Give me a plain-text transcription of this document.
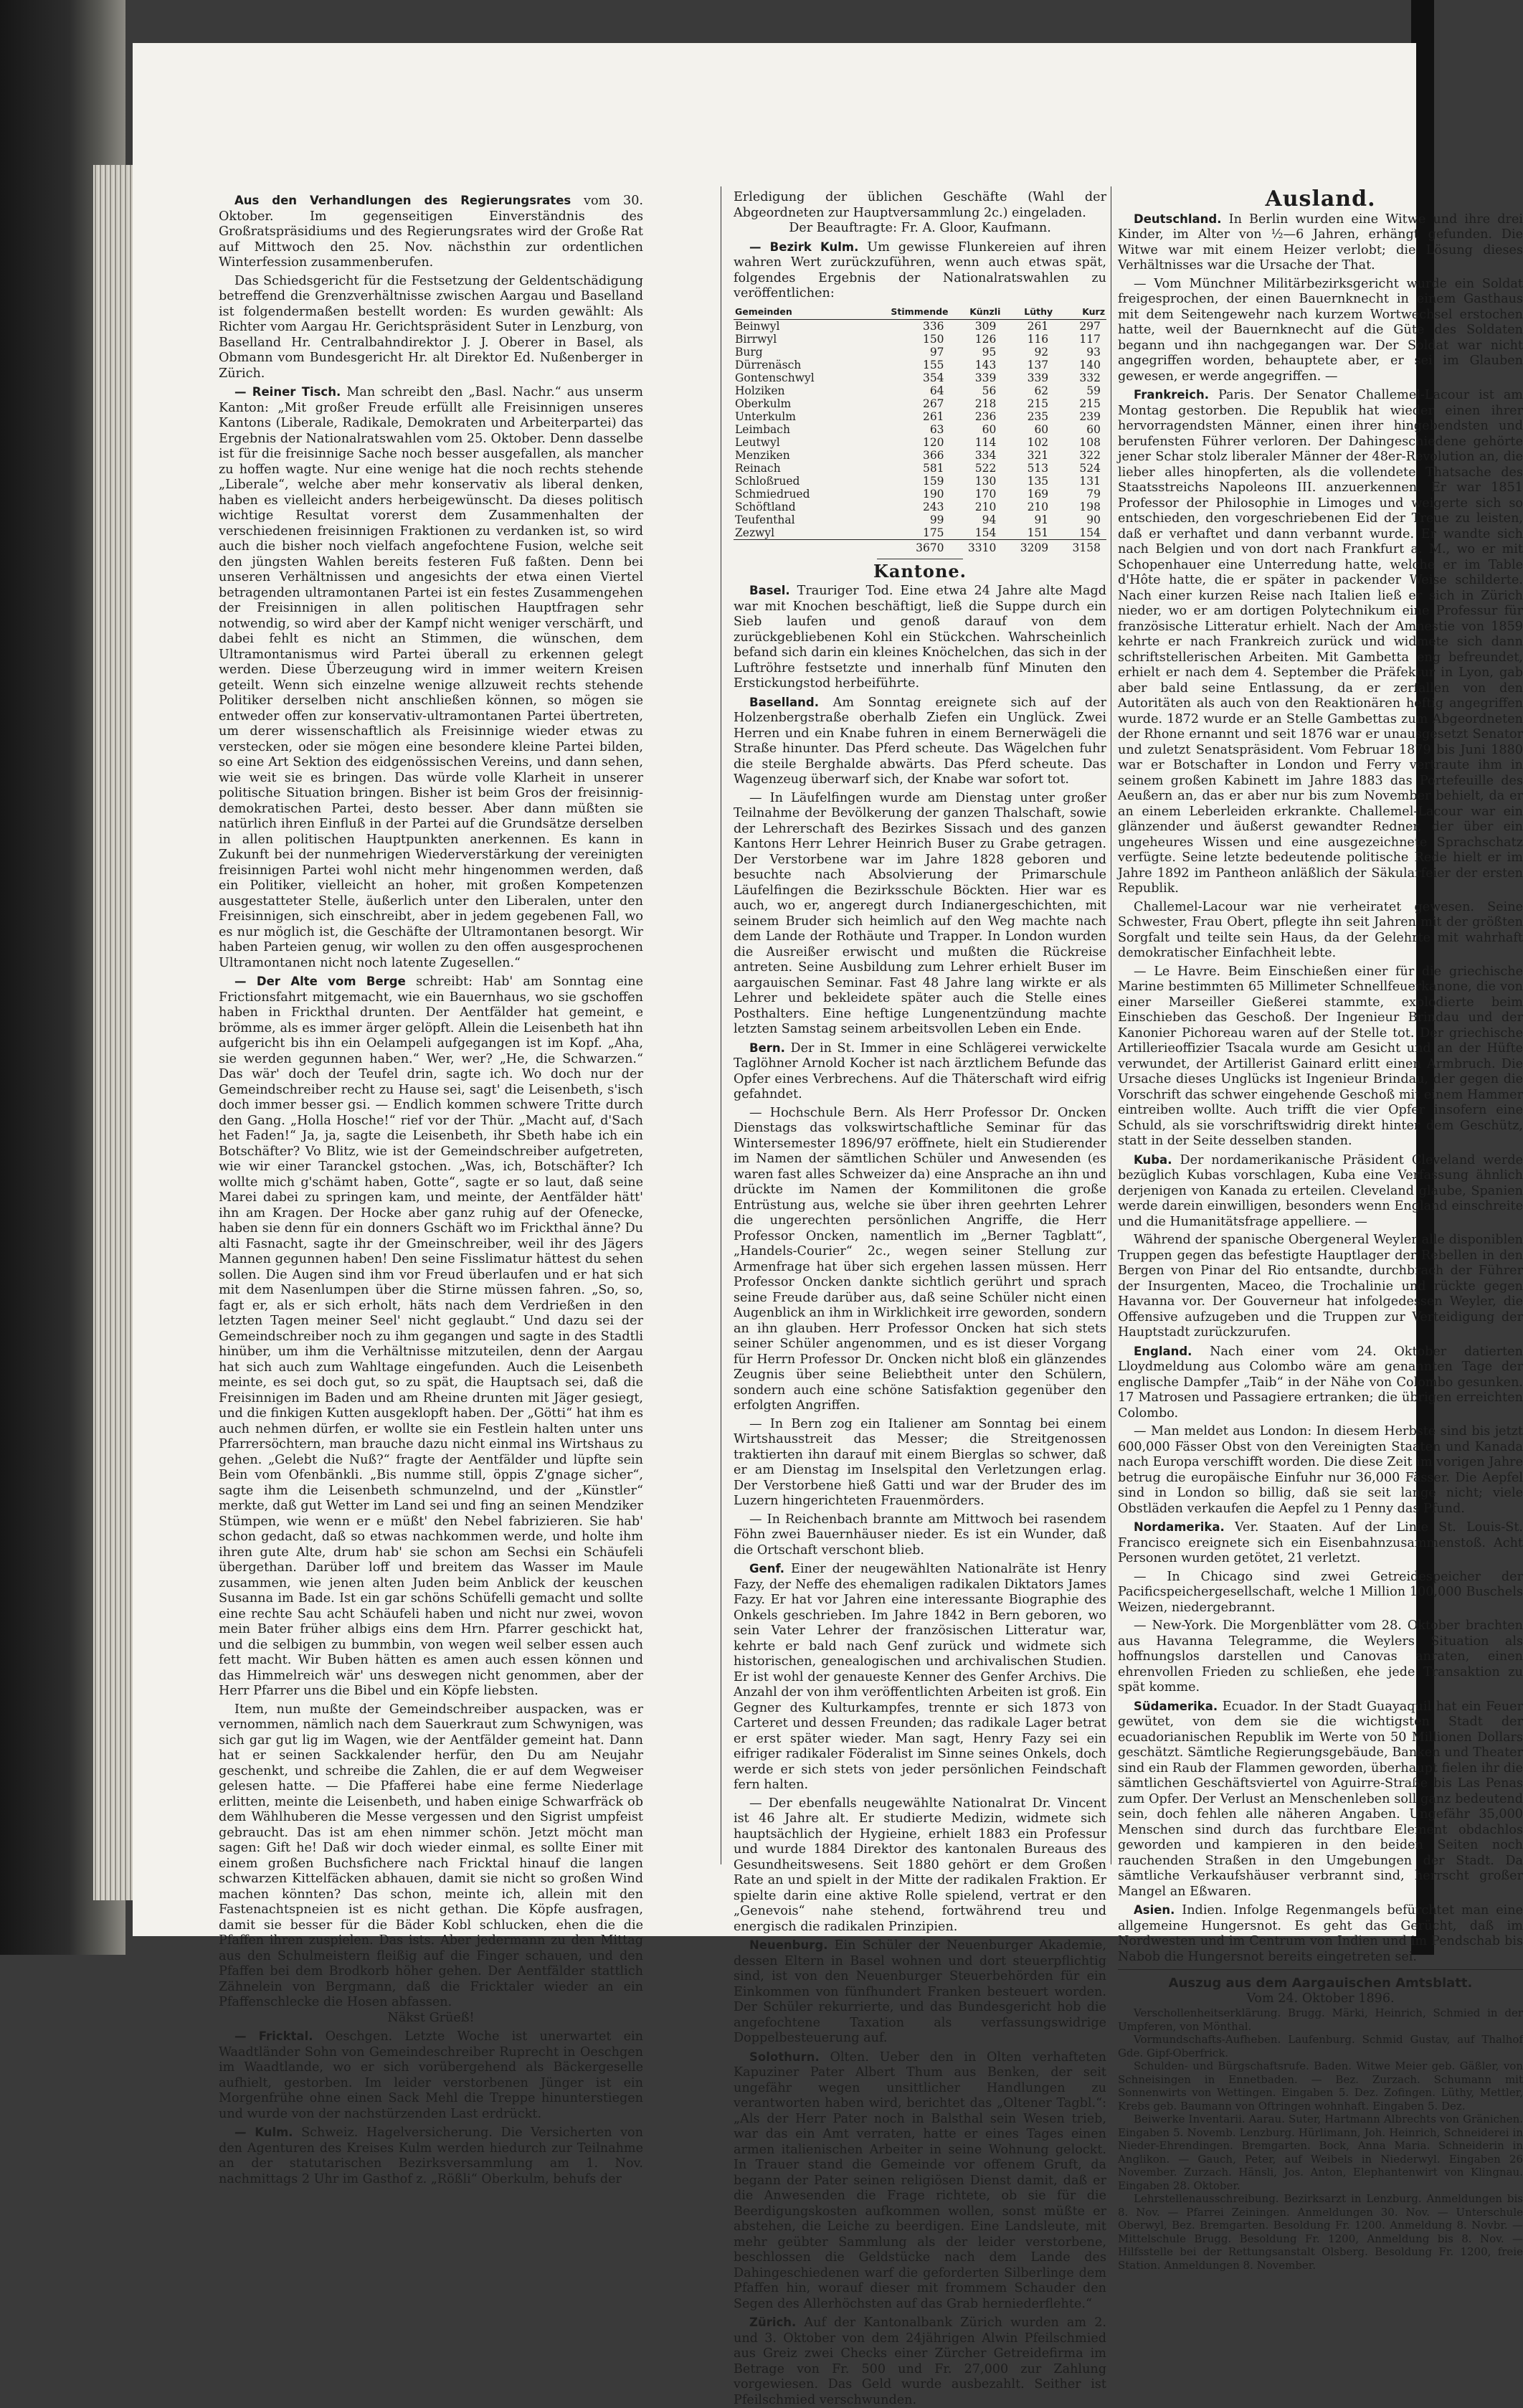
Aus den Verhandlungen des Regierungsrates vom 30. Oktober. Im gegenseitigen Einverständnis des Großratspräsidiums und des Regierungsrates wird der Große Rat auf Mittwoch den 25. Nov. nächsthin zur ordentlichen Winterfession zusammenberufen.

Das Schiedsgericht für die Festsetzung der Geldentschädigung betreffend die Grenzverhältnisse zwischen Aargau und Baselland ist folgendermaßen bestellt worden: Es wurden gewählt: Als Richter vom Aargau Hr. Gerichtspräsident Suter in Lenzburg, von Baselland Hr. Centralbahndirektor J. J. Oberer in Basel, als Obmann vom Bundesgericht Hr. alt Direktor Ed. Nußenberger in Zürich.

— Reiner Tisch. Man schreibt den „Basl. Nachr.“ aus unserm Kanton: „Mit großer Freude erfüllt alle Freisinnigen unseres Kantons (Liberale, Radikale, Demokraten und Arbeiterpartei) das Ergebnis der Nationalratswahlen vom 25. Oktober. Denn dasselbe ist für die freisinnige Sache noch besser ausgefallen, als mancher zu hoffen wagte. Nur eine wenige hat die noch rechts stehende „Liberale“, welche aber mehr konservativ als liberal denken, haben es vielleicht anders herbeigewünscht. Da dieses politisch wichtige Resultat vorerst dem Zusammenhalten der verschiedenen freisinnigen Fraktionen zu verdanken ist, so wird auch die bisher noch vielfach angefochtene Fusion, welche seit den jüngsten Wahlen bereits festeren Fuß faßten. Denn bei unseren Verhältnissen und angesichts der etwa einen Viertel betragenden ultramontanen Partei ist ein festes Zusammengehen der Freisinnigen in allen politischen Hauptfragen sehr notwendig, so wird aber der Kampf nicht weniger verschärft, und dabei fehlt es nicht an Stimmen, die wünschen, dem Ultramontanismus wird Partei überall zu erkennen gelegt werden. Diese Überzeugung wird in immer weitern Kreisen geteilt. Wenn sich einzelne wenige allzuweit rechts stehende Politiker derselben nicht anschließen können, so mögen sie entweder offen zur konservativ-ultramontanen Partei übertreten, um derer wissenschaftlich als Freisinnige wieder etwas zu verstecken, oder sie mögen eine besondere kleine Partei bilden, so eine Art Sektion des eidgenössischen Vereins, und dann sehen, wie weit sie es bringen. Das würde volle Klarheit in unserer politische Situation bringen. Bisher ist beim Gros der freisinnig-demokratischen Partei, desto besser. Aber dann müßten sie natürlich ihren Einfluß in der Partei auf die Grundsätze derselben in allen politischen Hauptpunkten anerkennen. Es kann in Zukunft bei der nunmehrigen Wiederverstärkung der vereinigten freisinnigen Partei wohl nicht mehr hingenommen werden, daß ein Politiker, vielleicht an hoher, mit großen Kompetenzen ausgestatteter Stelle, äußerlich unter den Liberalen, unter den Freisinnigen, sich einschreibt, aber in jedem gegebenen Fall, wo es nur möglich ist, die Geschäfte der Ultramontanen besorgt. Wir haben Parteien genug, wir wollen zu den offen ausgesprochenen Ultramontanen nicht noch latente Zugesellen.“

— Der Alte vom Berge schreibt: Hab' am Sonntag eine Frictionsfahrt mitgemacht, wie ein Bauernhaus, wo sie gschoffen haben in Frickthal drunten. Der Aentfälder hat gemeint, e brömme, als es immer ärger gelöpft. Allein die Leisenbeth hat ihn aufgericht bis ihn ein Oelampeli aufgegangen ist im Kopf. „Aha, sie werden gegunnen haben.“ Wer, wer? „He, die Schwarzen.“ Das wär' doch der Teufel drin, sagte ich. Wo doch nur der Gemeindschreiber recht zu Hause sei, sagt' die Leisenbeth, s'isch doch immer besser gsi. — Endlich kommen schwere Tritte durch den Gang. „Holla Hosche!“ rief vor der Thür. „Macht auf, d'Sach het Faden!“ Ja, ja, sagte die Leisenbeth, ihr Sbeth habe ich ein Botschäfter? Vo Blitz, wie ist der Gemeindschreiber aufgetreten, wie wir einer Taranckel gstochen. „Was, ich, Botschäfter? Ich wollte mich g'schämt haben, Gotte“, sagte er so laut, daß seine Marei dabei zu springen kam, und meinte, der Aentfälder hätt' ihn am Kragen. Der Hocke aber ganz ruhig auf der Ofenecke, haben sie denn für ein donners Gschäft wo im Frickthal änne? Du alti Fasnacht, sagte ihr der Gmeinschreiber, weil ihr des Jägers Mannen gegunnen haben! Den seine Fisslimatur hättest du sehen sollen. Die Augen sind ihm vor Freud überlaufen und er hat sich mit dem Nasenlumpen über die Stirne müssen fahren. „So, so, fagt er, als er sich erholt, häts nach dem Verdrießen in den letzten Tagen meiner Seel' nicht geglaubt.“ Und dazu sei der Gemeindschreiber noch zu ihm gegangen und sagte in des Stadtli hinüber, um ihm die Verhältnisse mitzuteilen, denn der Aargau hat sich auch zum Wahltage eingefunden. Auch die Leisenbeth meinte, es sei doch gut, so zu spät, die Hauptsach sei, daß die Freisinnigen im Baden und am Rheine drunten mit Jäger gesiegt, und die finkigen Kutten ausgeklopft haben. Der „Götti“ hat ihm es auch nehmen dürfen, er wollte sie ein Festlein halten unter uns Pfarrersöchtern, man brauche dazu nicht einmal ins Wirtshaus zu gehen. „Gelebt die Nuß?“ fragte der Aentfälder und lüpfte sein Bein vom Ofenbänkli. „Bis numme still, öppis Z'gnage sicher“, sagte ihm die Leisenbeth schmunzelnd, und der „Künstler“ merkte, daß gut Wetter im Land sei und fing an seinen Mendziker Stümpen, wie wenn er e müßt' den Nebel fabrizieren. Sie hab' schon gedacht, daß so etwas nachkommen werde, und holte ihm ihren gute Alte, drum hab' sie schon am Sechsi ein Schäufeli übergethan. Darüber loff und breitem das Wasser im Maule zusammen, wie jenen alten Juden beim Anblick der keuschen Susanna im Bade. Ist ein gar schöns Schüfelli gemacht und sollte eine rechte Sau acht Schäufeli haben und nicht nur zwei, wovon mein Bater früher albigs eins dem Hrn. Pfarrer geschickt hat, und die selbigen zu bummbin, von wegen weil selber essen auch fett macht. Wir Buben hätten es amen auch essen können und das Himmelreich wär' uns deswegen nicht genommen, aber der Herr Pfarrer uns die Bibel und ein Köpfe liebsten.

Item, nun mußte der Gemeindschreiber auspacken, was er vernommen, nämlich nach dem Sauerkraut zum Schwynigen, was sich gar gut lig im Wagen, wie der Aentfälder gemeint hat. Dann hat er seinen Sackkalender herfür, den Du am Neujahr geschenkt, und schreibe die Zahlen, die er auf dem Wegweiser gelesen hatte. — Die Pfafferei habe eine ferme Niederlage erlitten, meinte die Leisenbeth, und haben einige Schwarfräck ob dem Wählhuberen die Messe vergessen und den Sigrist umpfeist gebraucht. Das ist am ehen nimmer schön. Jetzt möcht man sagen: Gift he! Daß wir doch wieder einmal, es sollte Einer mit einem großen Buchsfichere nach Fricktal hinauf die langen schwarzen Kittelfäcken abhauen, damit sie nicht so großen Wind machen könnten? Das schon, meinte ich, allein mit den Fastenachtspneien ist es nicht gethan. Die Köpfe ausfragen, damit sie besser für die Bäder Kobl schlucken, ehen die die Pfaffen ihren zuspielen. Das ists. Aber jedermann zu den Mittag aus den Schulmeistern fleißig auf die Finger schauen, und den Pfaffen bei dem Brodkorb höher gehen. Der Aentfälder stattlich Zähnelein von Bergmann, daß die Fricktaler wieder an ein Pfaffenschlecke die Hosen abfassen.

Näkst Grüeß!

— Fricktal. Oeschgen. Letzte Woche ist unerwartet ein Waadtländer Sohn von Gemeindeschreiber Ruprecht in Oeschgen im Waadtlande, wo er sich vorübergehend als Bäckergeselle aufhielt, gestorben. Im leider verstorbenen Jünger ist ein Morgenfrühe ohne einen Sack Mehl die Treppe hinunterstiegen und wurde von der nachstürzenden Last erdrückt.

— Kulm. Schweiz. Hagelversicherung. Die Versicherten von den Agenturen des Kreises Kulm werden hiedurch zur Teilnahme an der statutarischen Bezirksversammlung am 1. Nov. nachmittags 2 Uhr im Gasthof z. „Rößli“ Oberkulm, behufs der

Erledigung der üblichen Geschäfte (Wahl der Abgeordneten zur Hauptversammlung 2c.) eingeladen.

Der Beauftragte: Fr. A. Gloor, Kaufmann.

— Bezirk Kulm. Um gewisse Flunkereien auf ihren wahren Wert zurückzuführen, wenn auch etwas spät, folgendes Ergebnis der Nationalratswahlen zu veröffentlichen:

Gemeinden	Stimmende	Künzli	Lüthy	Kurz
Beinwyl	336	309	261	297
Birrwyl	150	126	116	117
Burg	97	95	92	93
Dürrenäsch	155	143	137	140
Gontenschwyl	354	339	339	332
Holziken	64	56	62	59
Oberkulm	267	218	215	215
Unterkulm	261	236	235	239
Leimbach	63	60	60	60
Leutwyl	120	114	102	108
Menziken	366	334	321	322
Reinach	581	522	513	524
Schloßrued	159	130	135	131
Schmiedrued	190	170	169	79
Schöftland	243	210	210	198
Teufenthal	99	94	91	90
Zezwyl	175	154	151	154
	3670	3310	3209	3158
Kantone.

Basel. Trauriger Tod. Eine etwa 24 Jahre alte Magd war mit Knochen beschäftigt, ließ die Suppe durch ein Sieb laufen und genoß darauf von dem zurückgebliebenen Kohl ein Stückchen. Wahrscheinlich befand sich darin ein kleines Knöchelchen, das sich in der Luftröhre festsetzte und innerhalb fünf Minuten den Erstickungstod herbeiführte.

Baselland. Am Sonntag ereignete sich auf der Holzenbergstraße oberhalb Ziefen ein Unglück. Zwei Herren und ein Knabe fuhren in einem Bernerwägeli die Straße hinunter. Das Pferd scheute. Das Wägelchen fuhr die steile Berghalde abwärts. Das Pferd scheute. Das Wagenzeug überwarf sich, der Knabe war sofort tot.

— In Läufelfingen wurde am Dienstag unter großer Teilnahme der Bevölkerung der ganzen Thalschaft, sowie der Lehrerschaft des Bezirkes Sissach und des ganzen Kantons Herr Lehrer Heinrich Buser zu Grabe getragen. Der Verstorbene war im Jahre 1828 geboren und besuchte nach Absolvierung der Primarschule Läufelfingen die Bezirksschule Böckten. Hier war es auch, wo er, angeregt durch Indianergeschichten, mit seinem Bruder sich heimlich auf den Weg machte nach dem Lande der Rothäute und Trapper. In London wurden die Ausreißer erwischt und mußten die Rückreise antreten. Seine Ausbildung zum Lehrer erhielt Buser im aargauischen Seminar. Fast 48 Jahre lang wirkte er als Lehrer und bekleidete später auch die Stelle eines Posthalters. Eine heftige Lungenentzündung machte letzten Samstag seinem arbeitsvollen Leben ein Ende.

Bern. Der in St. Immer in eine Schlägerei verwickelte Taglöhner Arnold Kocher ist nach ärztlichem Befunde das Opfer eines Verbrechens. Auf die Thäterschaft wird eifrig gefahndet.

— Hochschule Bern. Als Herr Professor Dr. Oncken Dienstags das volkswirtschaftliche Seminar für das Wintersemester 1896/97 eröffnete, hielt ein Studierender im Namen der sämtlichen Schüler und Anwesenden (es waren fast alles Schweizer da) eine Ansprache an ihn und drückte im Namen der Kommilitonen die große Entrüstung aus, welche sie über ihren geehrten Lehrer die ungerechten persönlichen Angriffe, die Herr Professor Oncken, namentlich im „Berner Tagblatt“, „Handels-Courier“ 2c., wegen seiner Stellung zur Armenfrage hat über sich ergehen lassen müssen. Herr Professor Oncken dankte sichtlich gerührt und sprach seine Freude darüber aus, daß seine Schüler nicht einen Augenblick an ihm in Wirklichkeit irre geworden, sondern an ihn glauben. Herr Professor Oncken hat sich stets seiner Schüler angenommen, und es ist dieser Vorgang für Herrn Professor Dr. Oncken nicht bloß ein glänzendes Zeugnis über seine Beliebtheit unter den Schülern, sondern auch eine schöne Satisfaktion gegenüber den erfolgten Angriffen.

— In Bern zog ein Italiener am Sonntag bei einem Wirtshausstreit das Messer; die Streitgenossen traktierten ihn darauf mit einem Bierglas so schwer, daß er am Dienstag im Inselspital den Verletzungen erlag. Der Verstorbene hieß Gatti und war der Bruder des im Luzern hingerichteten Frauenmörders.

— In Reichenbach brannte am Mittwoch bei rasendem Föhn zwei Bauernhäuser nieder. Es ist ein Wunder, daß die Ortschaft verschont blieb.

Genf. Einer der neugewählten Nationalräte ist Henry Fazy, der Neffe des ehemaligen radikalen Diktators James Fazy. Er hat vor Jahren eine interessante Biographie des Onkels geschrieben. Im Jahre 1842 in Bern geboren, wo sein Vater Lehrer der französischen Litteratur war, kehrte er bald nach Genf zurück und widmete sich historischen, genealogischen und archivalischen Studien. Er ist wohl der genaueste Kenner des Genfer Archivs. Die Anzahl der von ihm veröffentlichten Arbeiten ist groß. Ein Gegner des Kulturkampfes, trennte er sich 1873 von Carteret und dessen Freunden; das radikale Lager betrat er erst später wieder. Man sagt, Henry Fazy sei ein eifriger radikaler Föderalist im Sinne seines Onkels, doch werde er sich stets von jeder persönlichen Feindschaft fern halten.

— Der ebenfalls neugewählte Nationalrat Dr. Vincent ist 46 Jahre alt. Er studierte Medizin, widmete sich hauptsächlich der Hygieine, erhielt 1883 ein Professur und wurde 1884 Direktor des kantonalen Bureaus des Gesundheitswesens. Seit 1880 gehört er dem Großen Rate an und spielt in der Mitte der radikalen Fraktion. Er spielte darin eine aktive Rolle spielend, vertrat er den „Genevois“ nahe stehend, fortwährend treu und energisch die radikalen Prinzipien.

Neuenburg. Ein Schüler der Neuenburger Akademie, dessen Eltern in Basel wohnen und dort steuerpflichtig sind, ist von den Neuenburger Steuerbehörden für ein Einkommen von fünfhundert Franken besteuert worden. Der Schüler rekurrierte, und das Bundesgericht hob die angefochtene Taxation als verfassungswidrige Doppelbesteuerung auf.

Solothurn. Olten. Ueber den in Olten verhafteten Kapuziner Pater Albert Thum aus Benken, der seit ungefähr wegen unsittlicher Handlungen zu verantworten haben wird, berichtet das „Oltener Tagbl.“: „Als der Herr Pater noch in Balsthal sein Wesen trieb, war das ein Amt verraten, hatte er eines Tages einen armen italienischen Arbeiter in seine Wohnung gelockt. In Trauer stand die Gemeinde vor offenem Gruft, da begann der Pater seinen religiösen Dienst damit, daß er die Anwesenden die Frage richtete, ob sie für die Beerdigungskosten aufkommen wollen, sonst müßte er abstehen, die Leiche zu beerdigen. Eine Landsleute, mit mehr geübter Sammlung als der leider verstorbene, beschlossen die Geldstücke nach dem Lande des Dahingeschiedenen warf die geforderten Silberlinge dem Pfaffen hin, worauf dieser mit frommem Schauder den Segen des Allerhöchsten auf das Grab herniederflehte.“

Zürich. Auf der Kantonalbank Zürich wurden am 2. und 3. Oktober von dem 24jährigen Alwin Pfeilschmied aus Greiz zwei Checks einer Zürcher Getreidefirma im Betrage von Fr. 500 und Fr. 27,000 zur Zahlung vorgewiesen. Das Geld wurde ausbezahlt. Seither ist Pfeilschmied verschwunden.

Ausland.

Deutschland. In Berlin wurden eine Witwe und ihre drei Kinder, im Alter von ½—6 Jahren, erhängt gefunden. Die Witwe war mit einem Heizer verlobt; die Lösung dieses Verhältnisses war die Ursache der That.

— Vom Münchner Militärbezirksgericht wurde ein Soldat freigesprochen, der einen Bauernknecht in einem Gasthaus mit dem Seitengewehr nach kurzem Wortwechsel erstochen hatte, weil der Bauernknecht auf die Güte des Soldaten begann und ihn nachgegangen war. Der Soldat war nicht angegriffen worden, behauptete aber, er sei im Glauben gewesen, er werde angegriffen. —

Frankreich. Paris. Der Senator Challemel-Lacour ist am Montag gestorben. Die Republik hat wieder einen ihrer hervorragendsten Männer, einen ihrer hingebendsten und berufensten Führer verloren. Der Dahingeschiedene gehörte jener Schar stolz liberaler Männer der 48er-Revolution an, die lieber alles hinopferten, als die vollendete Thatsache des Staatsstreichs Napoleons III. anzuerkennen. Er war 1851 Professor der Philosophie in Limoges und weigerte sich so entschieden, den vorgeschriebenen Eid der Treue zu leisten, daß er verhaftet und dann verbannt wurde. Er wandte sich nach Belgien und von dort nach Frankfurt a. M., wo er mit Schopenhauer eine Unterredung hatte, welche er im Table d'Hôte hatte, die er später in packender Weise schilderte. Nach einer kurzen Reise nach Italien ließ er sich in Zürich nieder, wo er am dortigen Polytechnikum eine Professur für französische Litteratur erhielt. Nach der Amnestie von 1859 kehrte er nach Frankreich zurück und widmete sich dann schriftstellerischen Arbeiten. Mit Gambetta eng befreundet, erhielt er nach dem 4. September die Präfektur in Lyon, gab aber bald seine Entlassung, da er zerfallen von den Autoritäten als auch von den Reaktionären heftig angegriffen wurde. 1872 wurde er an Stelle Gambettas zum Abgeordneten der Rhone ernannt und seit 1876 war er unausgesetzt Senator und zuletzt Senatspräsident. Vom Februar 1879 bis Juni 1880 war er Botschafter in London und Ferry vertraute ihm in seinem großen Kabinett im Jahre 1883 das Portefeuille des Aeußern an, das er aber nur bis zum November behielt, da er an einem Leberleiden erkrankte. Challemel-Lacour war ein glänzender und äußerst gewandter Redner, der über ein ungeheures Wissen und eine ausgezeichnete Sprachschatz verfügte. Seine letzte bedeutende politische Rede hielt er im Jahre 1892 im Pantheon anläßlich der Säkularfeier der ersten Republik.

Challemel-Lacour war nie verheiratet gewesen. Seine Schwester, Frau Obert, pflegte ihn seit Jahren mit der größten Sorgfalt und teilte sein Haus, da der Gelehrte mit wahrhaft demokratischer Einfachheit lebte.

— Le Havre. Beim Einschießen einer für die griechische Marine bestimmten 65 Millimeter Schnellfeuerkanone, die von einer Marseiller Gießerei stammte, explodierte beim Einschieben das Geschoß. Der Ingenieur Brindau und der Kanonier Pichoreau waren auf der Stelle tot. Der griechische Artillerieoffizier Tsacala wurde am Gesicht und an der Hüfte verwundet, der Artillerist Gainard erlitt einen Armbruch. Die Ursache dieses Unglücks ist Ingenieur Brindau, der gegen die Vorschrift das schwer eingehende Geschoß mit einem Hammer eintreiben wollte. Auch trifft die vier Opfer insofern eine Schuld, als sie vorschriftswidrig direkt hinter dem Geschütz, statt in der Seite desselben standen.

Kuba. Der nordamerikanische Präsident Cleveland werde bezüglich Kubas vorschlagen, Kuba eine Verfassung ähnlich derjenigen von Kanada zu erteilen. Cleveland glaube, Spanien werde darein einwilligen, besonders wenn England einschreite und die Humanitätsfrage appelliere. —

Während der spanische Obergeneral Weyler alle disponiblen Truppen gegen das befestigte Hauptlager der Rebellen in den Bergen von Pinar del Rio entsandte, durchbrach der Führer der Insurgenten, Maceo, die Trochalinie und rückte gegen Havanna vor. Der Gouverneur hat infolgedessen Weyler, die Offensive aufzugeben und die Truppen zur Verteidigung der Hauptstadt zurückzurufen.

England. Nach einer vom 24. Oktober datierten Lloydmeldung aus Colombo wäre am genannten Tage der englische Dampfer „Taib“ in der Nähe von Colombo gesunken. 17 Matrosen und Passagiere ertranken; die übrigen erreichten Colombo.

— Man meldet aus London: In diesem Herbste sind bis jetzt 600,000 Fässer Obst von den Vereinigten Staaten und Kanada nach Europa verschifft worden. Die diese Zeit im vorigen Jahre betrug die europäische Einfuhr nur 36,000 Fässer. Die Aepfel sind in London so billig, daß sie seit lange nicht; viele Obstläden verkaufen die Aepfel zu 1 Penny das Pfund.

Nordamerika. Ver. Staaten. Auf der Linie St. Louis-St. Francisco ereignete sich ein Eisenbahnzusammenstoß. Acht Personen wurden getötet, 21 verletzt.

— In Chicago sind zwei Getreidespeicher der Pacificspeichergesellschaft, welche 1 Million 100,000 Buschels Weizen, niedergebrannt.

— New-York. Die Morgenblätter vom 28. Oktober brachten aus Havanna Telegramme, die Weylers Situation als hoffnungslos darstellen und Canovas anraten, einen ehrenvollen Frieden zu schließen, ehe jede Transaktion zu spät komme.

Südamerika. Ecuador. In der Stadt Guayaquil hat ein Feuer gewütet, von dem sie die wichtigsten Stadt der ecuadorianischen Republik im Werte von 50 Millionen Dollars geschätzt. Sämtliche Regierungsgebäude, Banken und Theater sind ein Raub der Flammen geworden, überhaupt fielen ihr die sämtlichen Geschäftsviertel von Aguirre-Straße bis Las Penas zum Opfer. Der Verlust an Menschenleben soll ganz bedeutend sein, doch fehlen alle näheren Angaben. Ungefähr 35,000 Menschen sind durch das furchtbare Element obdachlos geworden und kampieren in den beiden Seiten noch rauchenden Straßen in den Umgebungen der Stadt. Da sämtliche Verkaufshäuser verbrannt sind, herrscht großer Mangel an Eßwaren.

Asien. Indien. Infolge Regenmangels befürchtet man eine allgemeine Hungersnot. Es geht das Gerücht, daß im Nordwesten und im Centrum von Indien und im Pendschab bis Nabob die Hungersnot bereits eingetreten sei.

Auszug aus dem Aargauischen Amtsblatt.

Vom 24. Oktober 1896.

Verschollenheitserklärung. Brugg. Märki, Heinrich, Schmied in der Umpferen, von Mönthal.

Vormundschafts-Aufheben. Laufenburg. Schmid Gustav, auf Thalhof Gde. Gipf-Oberfrick.

Schulden- und Bürgschaftsrufe. Baden. Witwe Meier geb. Gäßler, von Schneisingen in Ennetbaden. — Bez. Zurzach. Schumann mit Sonnenwirts von Wettingen. Eingaben 5. Dez. Zofingen. Lüthy, Mettler, Krebs geb. Baumann von Oftringen wohnhaft. Eingaben 5. Dez.

Beiwerke Inventarii. Aarau. Suter, Hartmann Albrechts von Gränichen. Eingaben 5. Novemb. Lenzburg. Hürlimann, Joh. Heinrich, Schneiderei in Nieder-Ehrendingen. Bremgarten. Bock, Anna Maria. Schneiderin in Anglikon. — Gauch, Peter, auf Weibels in Niederwyl. Eingaben 26 November. Zurzach. Hänsli, Jos. Anton, Elephantenwirt von Klingnau. Eingaben 28. Oktober.

Lehrstellenausschreibung. Bezirksarzt in Lenzburg. Anmeldungen bis 8. Nov. — Pfarrei Zeiningen. Anmeldungen 30. Nov. — Unterschule Oberwyl, Bez. Bremgarten. Besoldung Fr. 1200. Anmeldung 8. Novbr. — Mittelschule Brugg. Besoldung Fr. 1200, Anmeldung bis 8. Nov. — Hilfsstelle bei der Rettungsanstalt Olsberg. Besoldung Fr. 1200, freie Station. Anmeldungen 8. November.
